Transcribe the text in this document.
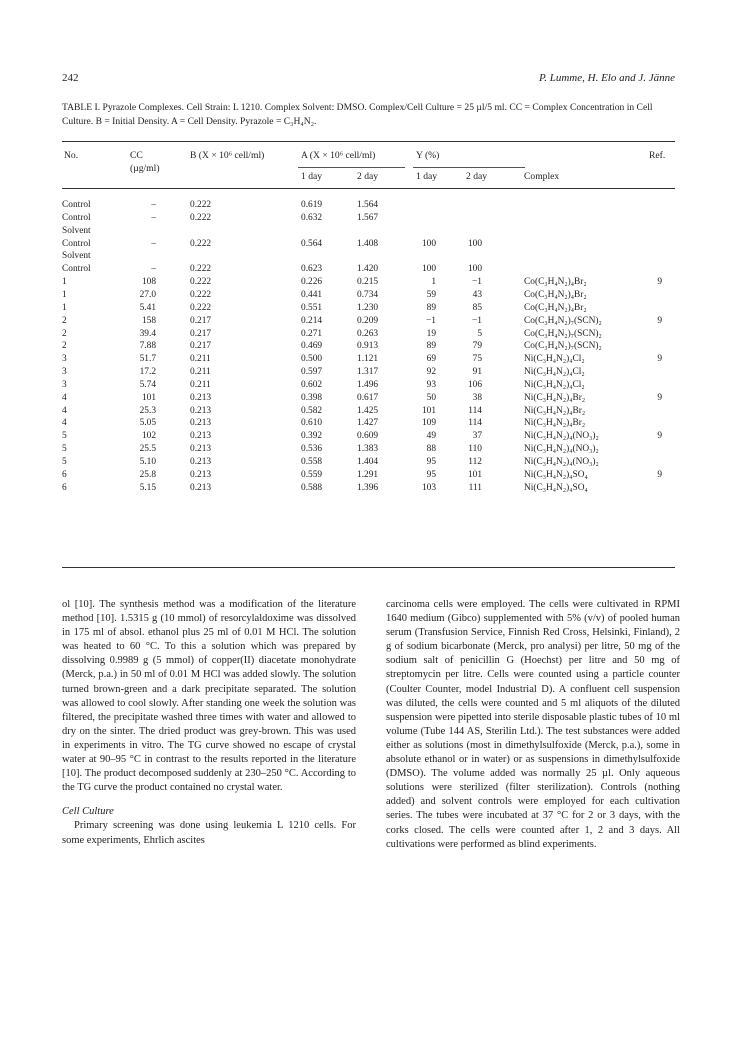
242	P. Lumme, H. Elo and J. Jänne
TABLE I. Pyrazole Complexes. Cell Strain: L 1210. Complex Solvent: DMSO. Complex/Cell Culture = 25 µl/5 ml. CC = Complex Concentration in Cell Culture. B = Initial Density. A = Cell Density. Pyrazole = C₃H₄N₂.
No.	CC
(µg/ml)
B (X × 10⁶ cell/ml)	A (X × 10⁶ cell/ml)	Y (%)	Ref.
1 day	2 day	1 day	2 day	Complex
Control	–	0.222	0.619	1.564
Control	–	0.222	0.632	1.567
Solvent
Control	–	0.222	0.564	1.408	100	100
Solvent
Control	–	0.222	0.623	1.420	100	100
1	108	0.222	0.226	0.215	1	−1	Co(C₃H₄N₂)₄Br₂	9
1	27.0	0.222	0.441	0.734	59	43	Co(C₃H₄N₂)₄Br₂
1	5.41	0.222	0.551	1.230	89	85	Co(C₃H₄N₂)₄Br₂
2	158	0.217	0.214	0.209	−1	−1	Co(C₃H₄N₂)₇(SCN)₂	9
2	39.4	0.217	0.271	0.263	19	5	Co(C₃H₄N₂)₇(SCN)₂
2	7.88	0.217	0.469	0.913	89	79	Co(C₃H₄N₂)₇(SCN)₂
3	51.7	0.211	0.500	1.121	69	75	Ni(C₃H₄N₂)₄Cl₂	9
3	17.2	0.211	0.597	1.317	92	91	Ni(C₃H₄N₂)₄Cl₂
3	5.74	0.211	0.602	1.496	93	106	Ni(C₃H₄N₂)₄Cl₂
4	101	0.213	0.398	0.617	50	38	Ni(C₃H₄N₂)₄Br₂	9
4	25.3	0.213	0.582	1.425	101	114	Ni(C₃H₄N₂)₄Br₂
4	5.05	0.213	0.610	1.427	109	114	Ni(C₃H₄N₂)₄Br₂
5	102	0.213	0.392	0.609	49	37	Ni(C₃H₄N₂)₄(NO₃)₂	9
5	25.5	0.213	0.536	1.383	88	110	Ni(C₃H₄N₂)₄(NO₃)₂
5	5.10	0.213	0.558	1.404	95	112	Ni(C₃H₄N₂)₄(NO₃)₂
6	25.8	0.213	0.559	1.291	95	101	Ni(C₃H₄N₂)₄SO₄	9
6	5.15	0.213	0.588	1.396	103	111	Ni(C₃H₄N₂)₄SO₄

ol [10]. The synthesis method was a modification of the literature method [10]. 1.5315 g (10 mmol) of resorcylaldoxime was dissolved in 175 ml of absol. ethanol plus 25 ml of 0.01 M HCl. The solution was heated to 60 °C. To this a solution which was prepared by dissolving 0.9989 g (5 mmol) of copper(II) diacetate monohydrate (Merck, p.a.) in 50 ml of 0.01 M HCl was added slowly. The solution turned brown-green and a dark precipitate separated. The solution was allowed to cool slowly. After standing one week the solution was filtered, the precipitate washed three times with water and allowed to dry on the sinter. The dried product was grey-brown. This was used in experiments in vitro. The TG curve showed no escape of crystal water at 90–95 °C in contrast to the results reported in the literature [10]. The product decomposed suddenly at 230–250 °C. According to the TG curve the product contained no crystal water.

Cell Culture

Primary screening was done using leukemia L 1210 cells. For some experiments, Ehrlich ascites

carcinoma cells were employed. The cells were cultivated in RPMI 1640 medium (Gibco) supplemented with 5% (v/v) of pooled human serum (Transfusion Service, Finnish Red Cross, Helsinki, Finland), 2 g of sodium bicarbonate (Merck, pro analysi) per litre, 50 mg of the sodium salt of penicillin G (Hoechst) per litre and 50 mg of streptomycin per litre. Cells were counted using a particle counter (Coulter Counter, model Industrial D). A confluent cell suspension was diluted, the cells were counted and 5 ml aliquots of the diluted suspension were pipetted into sterile disposable plastic tubes of 10 ml volume (Tube 144 AS, Sterilin Ltd.). The test substances were added either as solutions (most in dimethylsulfoxide (Merck, p.a.), some in absolute ethanol or in water) or as suspensions in dimethylsulfoxide (DMSO). The volume added was normally 25 µl. Only aqueous solutions were sterilized (filter sterilization). Controls (nothing added) and solvent controls were employed for each cultivation series. The tubes were incubated at 37 °C for 2 or 3 days, with the corks closed. The cells were counted after 1, 2 and 3 days. All cultivations were performed as blind experiments.
